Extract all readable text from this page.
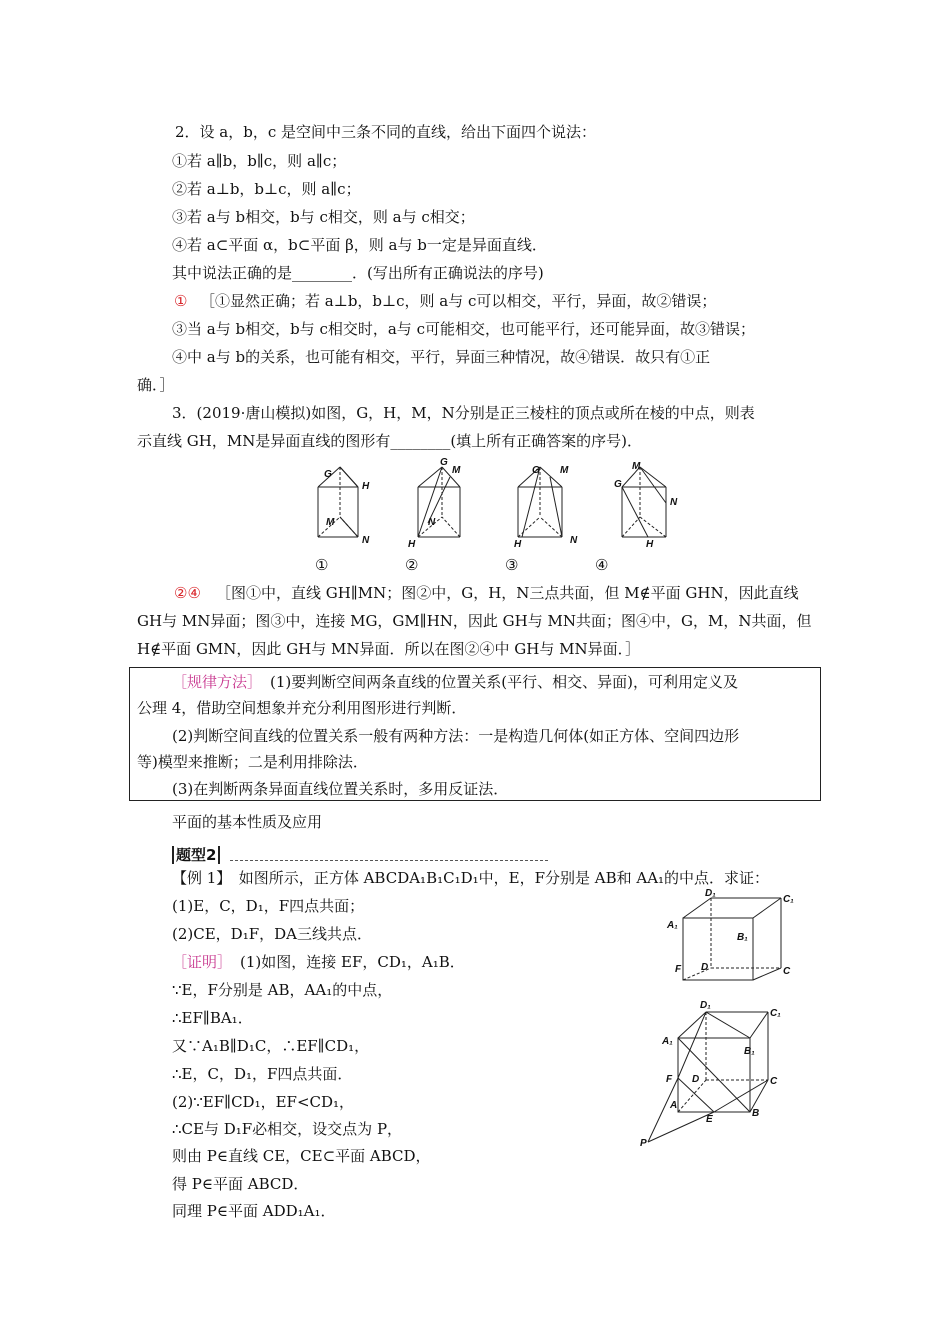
2．设 a，b，c 是空间中三条不同的直线，给出下面四个说法：
①若 a∥b，b∥c，则 a∥c；
②若 a⊥b，b⊥c，则 a∥c；
③若 a与 b相交，b与 c相交，则 a与 c相交；
④若 a⊂平面 α，b⊂平面 β，则 a与 b一定是异面直线．
其中说法正确的是________．(写出所有正确说法的序号)
① ［①显然正确；若 a⊥b，b⊥c，则 a与 c可以相交，平行，异面，故②错误；
③当 a与 b相交，b与 c相交时，a与 c可能相交，也可能平行，还可能异面，故③错误；
④中 a与 b的关系，也可能有相交，平行，异面三种情况，故④错误．故只有①正
确．］
3．(2019·唐山模拟)如图，G，H，M，N分别是正三棱柱的顶点或所在棱的中点，则表
示直线 GH，MN是异面直线的图形有________(填上所有正确答案的序号)．
G
H
M
N
G
M
N
H
G M
H	N
M
G
N
H
①	②	③	④
②④ ［图①中，直线 GH∥MN；图②中，G，H，N三点共面，但 M∉平面 GHN，因此直线
GH与 MN异面；图③中，连接 MG，GM∥HN，因此 GH与 MN共面；图④中，G，M，N共面，但
H∉平面 GMN，因此 GH与 MN异面．所以在图②④中 GH与 MN异面．］
［规律方法］ (1)要判断空间两条直线的位置关系(平行、相交、异面)，可利用定义及
公理 4，借助空间想象并充分利用图形进行判断．
(2)判断空间直线的位置关系一般有两种方法：一是构造几何体(如正方体、空间四边形
等)模型来推断；二是利用排除法．
(3)在判断两条异面直线位置关系时，多用反证法．
平面的基本性质及应用
题型2
【例 1】　如图所示，正方体 ABCDA₁B₁C₁D₁中，E，F分别是 AB和 AA₁的中点．求证：
(1)E，C，D₁，F四点共面；
(2)CE，D₁F，DA三线共点．
［证明］ (1)如图，连接 EF，CD₁，A₁B．
∵E，F分别是 AB，AA₁的中点，
∴EF∥BA₁．
又∵A₁B∥D₁C，∴EF∥CD₁，
∴E，C，D₁，F四点共面．
(2)∵EF∥CD₁，EF<CD₁，
∴CE与 D₁F必相交，设交点为 P，
则由 P∈直线 CE，CE⊂平面 ABCD，
得 P∈平面 ABCD．
同理 P∈平面 ADD₁A₁．
D₁
C₁
A₁
B₁
F D	C
D₁
C₁
A₁
B₁
F D	C
A
E
B
P
